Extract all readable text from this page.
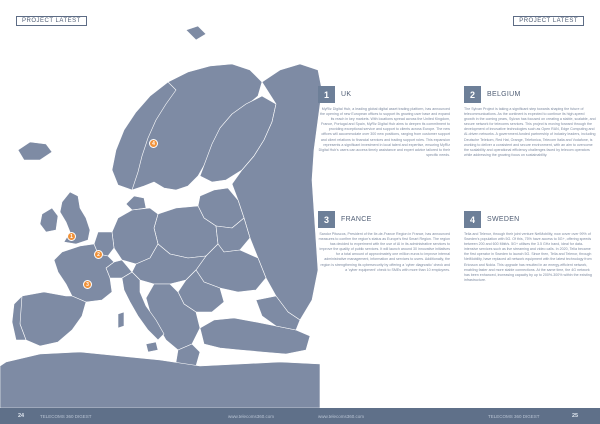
PROJECT LATEST	PROJECT LATEST
4
1
2
3
1	UK
MyRiz Digital Hub, a leading global digital asset trading platform, has announced the opening of new European offices to support its growing user base and expand its reach in key markets. With locations spread across the United Kingdom, France, Portugal and Spain, MyRiz Digital Hub aims to deepen its commitment to providing exceptional service and support to clients across Europe. The new offices will accommodate over 300 new positions, ranging from customer support and client relations to financial services and trading support roles. This expansion represents a significant investment in local talent and expertise, ensuring MyRiz Digital Hub's users can access timely assistance and expert advice tailored to their specific needs.
2	BELGIUM
The Sylvan Project is taking a significant step towards shaping the future of telecommunications. As the continent is expected to continue its high-speed growth in the coming years, Sylvan has focused on creating a stable, scalable, and secure network for telecoms services. This project is moving forward through the development of innovative technologies such as Open RAN, Edge Computing and AI-driven networks. A government-funded partnership of industry leaders, including Deutsche Telekom, Red Hat, Orange, Telefonica, Telecom Italia and Vodafone, is working to deliver a consistent and secure environment, with an aim to overcome the scalability and operational efficiency challenges faced by telecom operators while addressing the growing focus on sustainability.
3	FRANCE
Sandor Pituscos, President of the Ile-de-France Region in France, has announced measures to confirm the region's status as Europe's first Smart Region. The region has decided to experiment with the use of AI in its administrative services to improve the quality of public services. It will launch around 30 innovative initiatives for a total amount of approximately one million euros to improve internal administrative management, information and services to users. Additionally, the region is strengthening its cybersecurity by offering a 'cyber diagnostic' check and a 'cyber equipment' check to SMEs with more than 10 employees.
4	SWEDEN
Telia and Telenor, through their joint venture NetMobility, now cover over 99% of Sweden's population with 5G. Of this, 75% have access to 5G+, offering speeds between 200 and 600 Mbit/s. 5G+ utilises the 3.5 GHz band, ideal for data-intensive services such as live streaming and video calls. In 2020, Telia became the first operator in Sweden to launch 5G. Since then, Telia and Telenor, through NetMobility, have replaced all network equipment with the latest technology from Ericsson and Nokia. This upgrade has resulted in an energy-efficient network, enabling faster and more stable connections. At the same time, the 4G network has been enhanced, increasing capacity by up to 200%-300% within the existing infrastructure.
24	TELECOMS 360 DIGEST	www.telecoms360.com	www.telecoms360.com	TELECOMS 360 DIGEST	25
